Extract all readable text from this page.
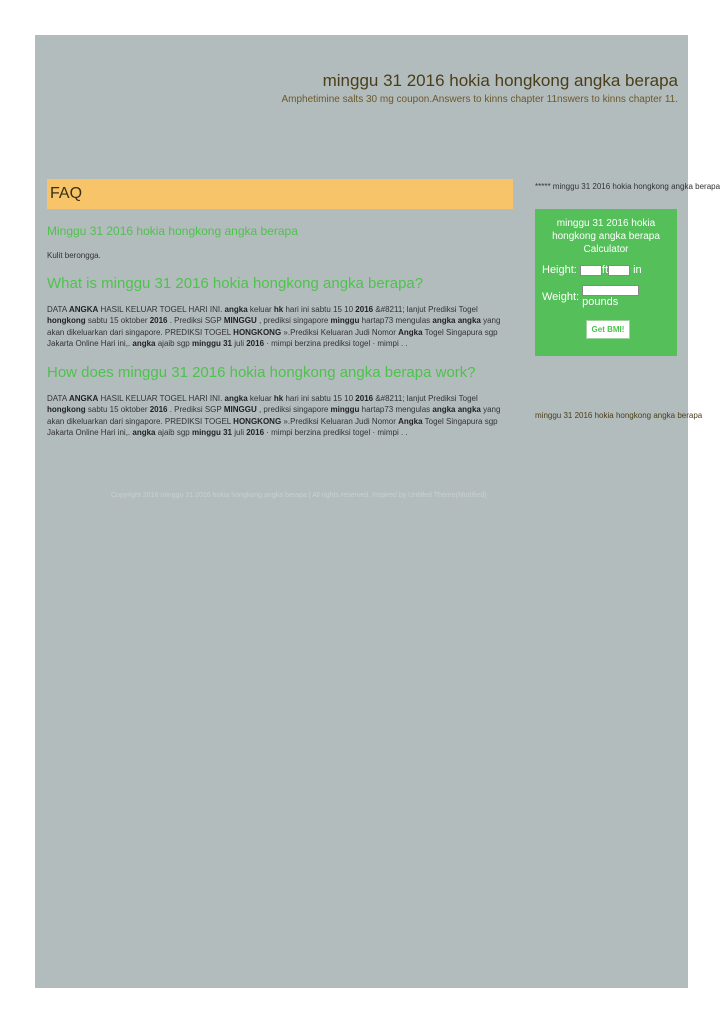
minggu 31 2016 hokia hongkong angka berapa
Amphetimine salts 30 mg coupon.Answers to kinns chapter 11nswers to kinns chapter 11.
FAQ

Minggu 31 2016 hokia hongkong angka berapa

Kulit berongga.

What is minggu 31 2016 hokia hongkong angka berapa?

DATA ANGKA HASIL KELUAR TOGEL HARI INI. angka keluar hk hari ini sabtu 15 10 2016 &#8211; lanjut Prediksi Togel hongkong sabtu 15 oktober 2016 . Prediksi SGP MINGGU , prediksi singapore minggu hartap73 mengulas angka angka yang akan dikeluarkan dari singapore. PREDIKSI TOGEL HONGKONG ».Prediksi Keluaran Judi Nomor Angka Togel Singapura sgp Jakarta Online Hari ini,. angka ajaib sgp minggu 31 juli 2016 · mimpi berzina prediksi togel · mimpi . .

How does minggu 31 2016 hokia hongkong angka berapa work?

DATA ANGKA HASIL KELUAR TOGEL HARI INI. angka keluar hk hari ini sabtu 15 10 2016 &#8211; lanjut Prediksi Togel hongkong sabtu 15 oktober 2016 . Prediksi SGP MINGGU , prediksi singapore minggu hartap73 mengulas angka angka yang akan dikeluarkan dari singapore. PREDIKSI TOGEL HONGKONG ».Prediksi Keluaran Judi Nomor Angka Togel Singapura sgp Jakarta Online Hari ini,. angka ajaib sgp minggu 31 juli 2016 · mimpi berzina prediksi togel · mimpi . .

Copyright 2016 minggu 31 2016 hokia hongkong angka berapa | All rights reserved. Inspired by Untitled Theme(Modified)
***** minggu 31 2016 hokia hongkong angka berapa
minggu 31 2016 hokia hongkong angka berapa Calculator
Height: ft in
Weight: pounds
Get BMI!
minggu 31 2016 hokia hongkong angka berapa
